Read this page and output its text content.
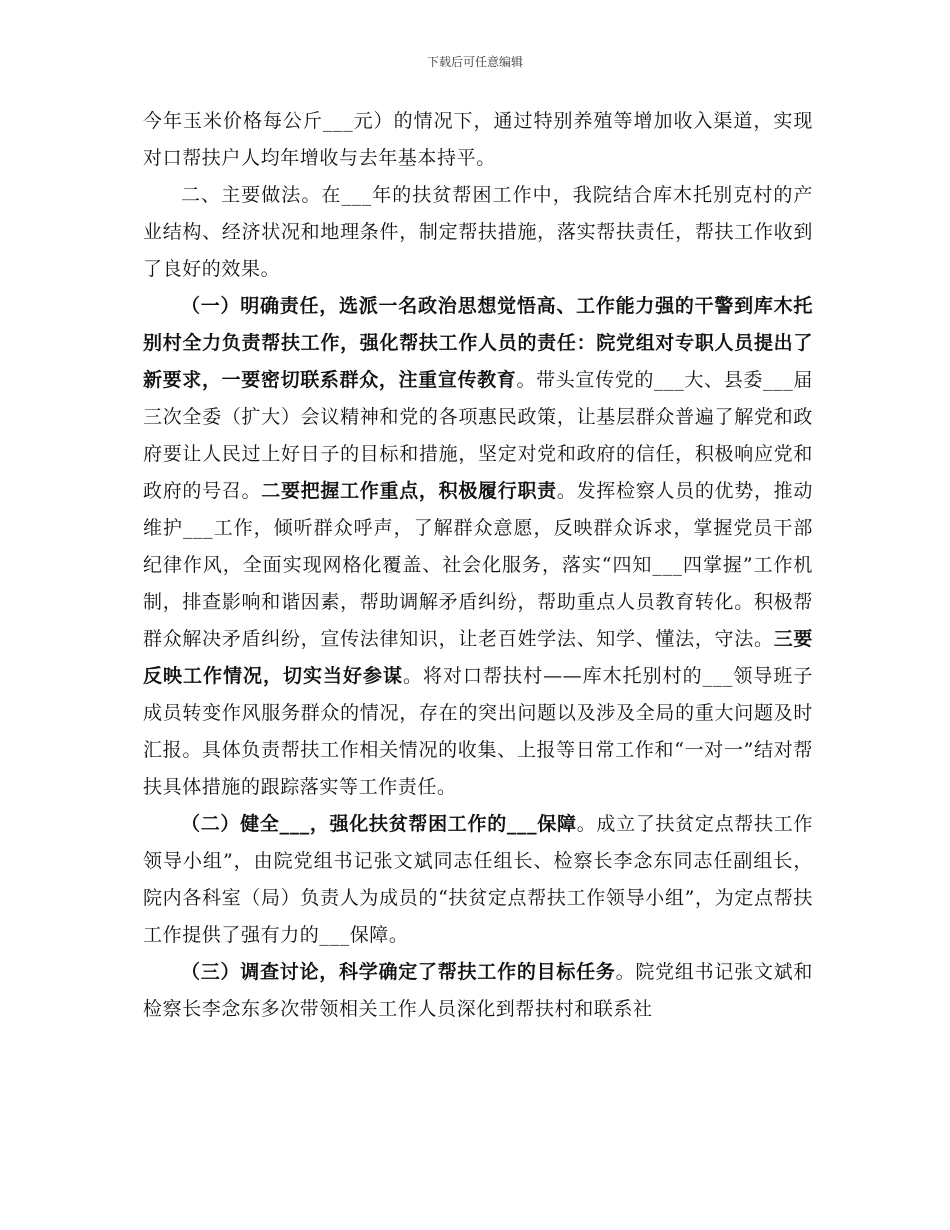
下载后可任意编辑

今年玉米价格每公斤___元）的情况下，通过特别养殖等增加收入渠道，实现对口帮扶户人均年增收与去年基本持平。

二、主要做法。在___年的扶贫帮困工作中，我院结合库木托别克村的产业结构、经济状况和地理条件，制定帮扶措施，落实帮扶责任，帮扶工作收到了良好的效果。

（一）明确责任，选派一名政治思想觉悟高、工作能力强的干警到库木托别村全力负责帮扶工作，强化帮扶工作人员的责任：院党组对专职人员提出了新要求，一要密切联系群众，注重宣传教育。带头宣传党的___大、县委___届三次全委（扩大）会议精神和党的各项惠民政策，让基层群众普遍了解党和政府要让人民过上好日子的目标和措施，坚定对党和政府的信任，积极响应党和政府的号召。二要把握工作重点，积极履行职责。发挥检察人员的优势，推动维护___工作，倾听群众呼声，了解群众意愿，反映群众诉求，掌握党员干部纪律作风，全面实现网格化覆盖、社会化服务，落实“四知___四掌握”工作机制，排查影响和谐因素，帮助调解矛盾纠纷，帮助重点人员教育转化。积极帮群众解决矛盾纠纷，宣传法律知识，让老百姓学法、知学、懂法，守法。三要反映工作情况，切实当好参谋。将对口帮扶村——库木托别村的___领导班子成员转变作风服务群众的情况，存在的突出问题以及涉及全局的重大问题及时汇报。具体负责帮扶工作相关情况的收集、上报等日常工作和“一对一”结对帮扶具体措施的跟踪落实等工作责任。

（二）健全___，强化扶贫帮困工作的___保障。成立了扶贫定点帮扶工作领导小组”，由院党组书记张文斌同志任组长、检察长李念东同志任副组长，院内各科室（局）负责人为成员的“扶贫定点帮扶工作领导小组”，为定点帮扶工作提供了强有力的___保障。

（三）调查讨论，科学确定了帮扶工作的目标任务。院党组书记张文斌和检察长李念东多次带领相关工作人员深化到帮扶村和联系社
